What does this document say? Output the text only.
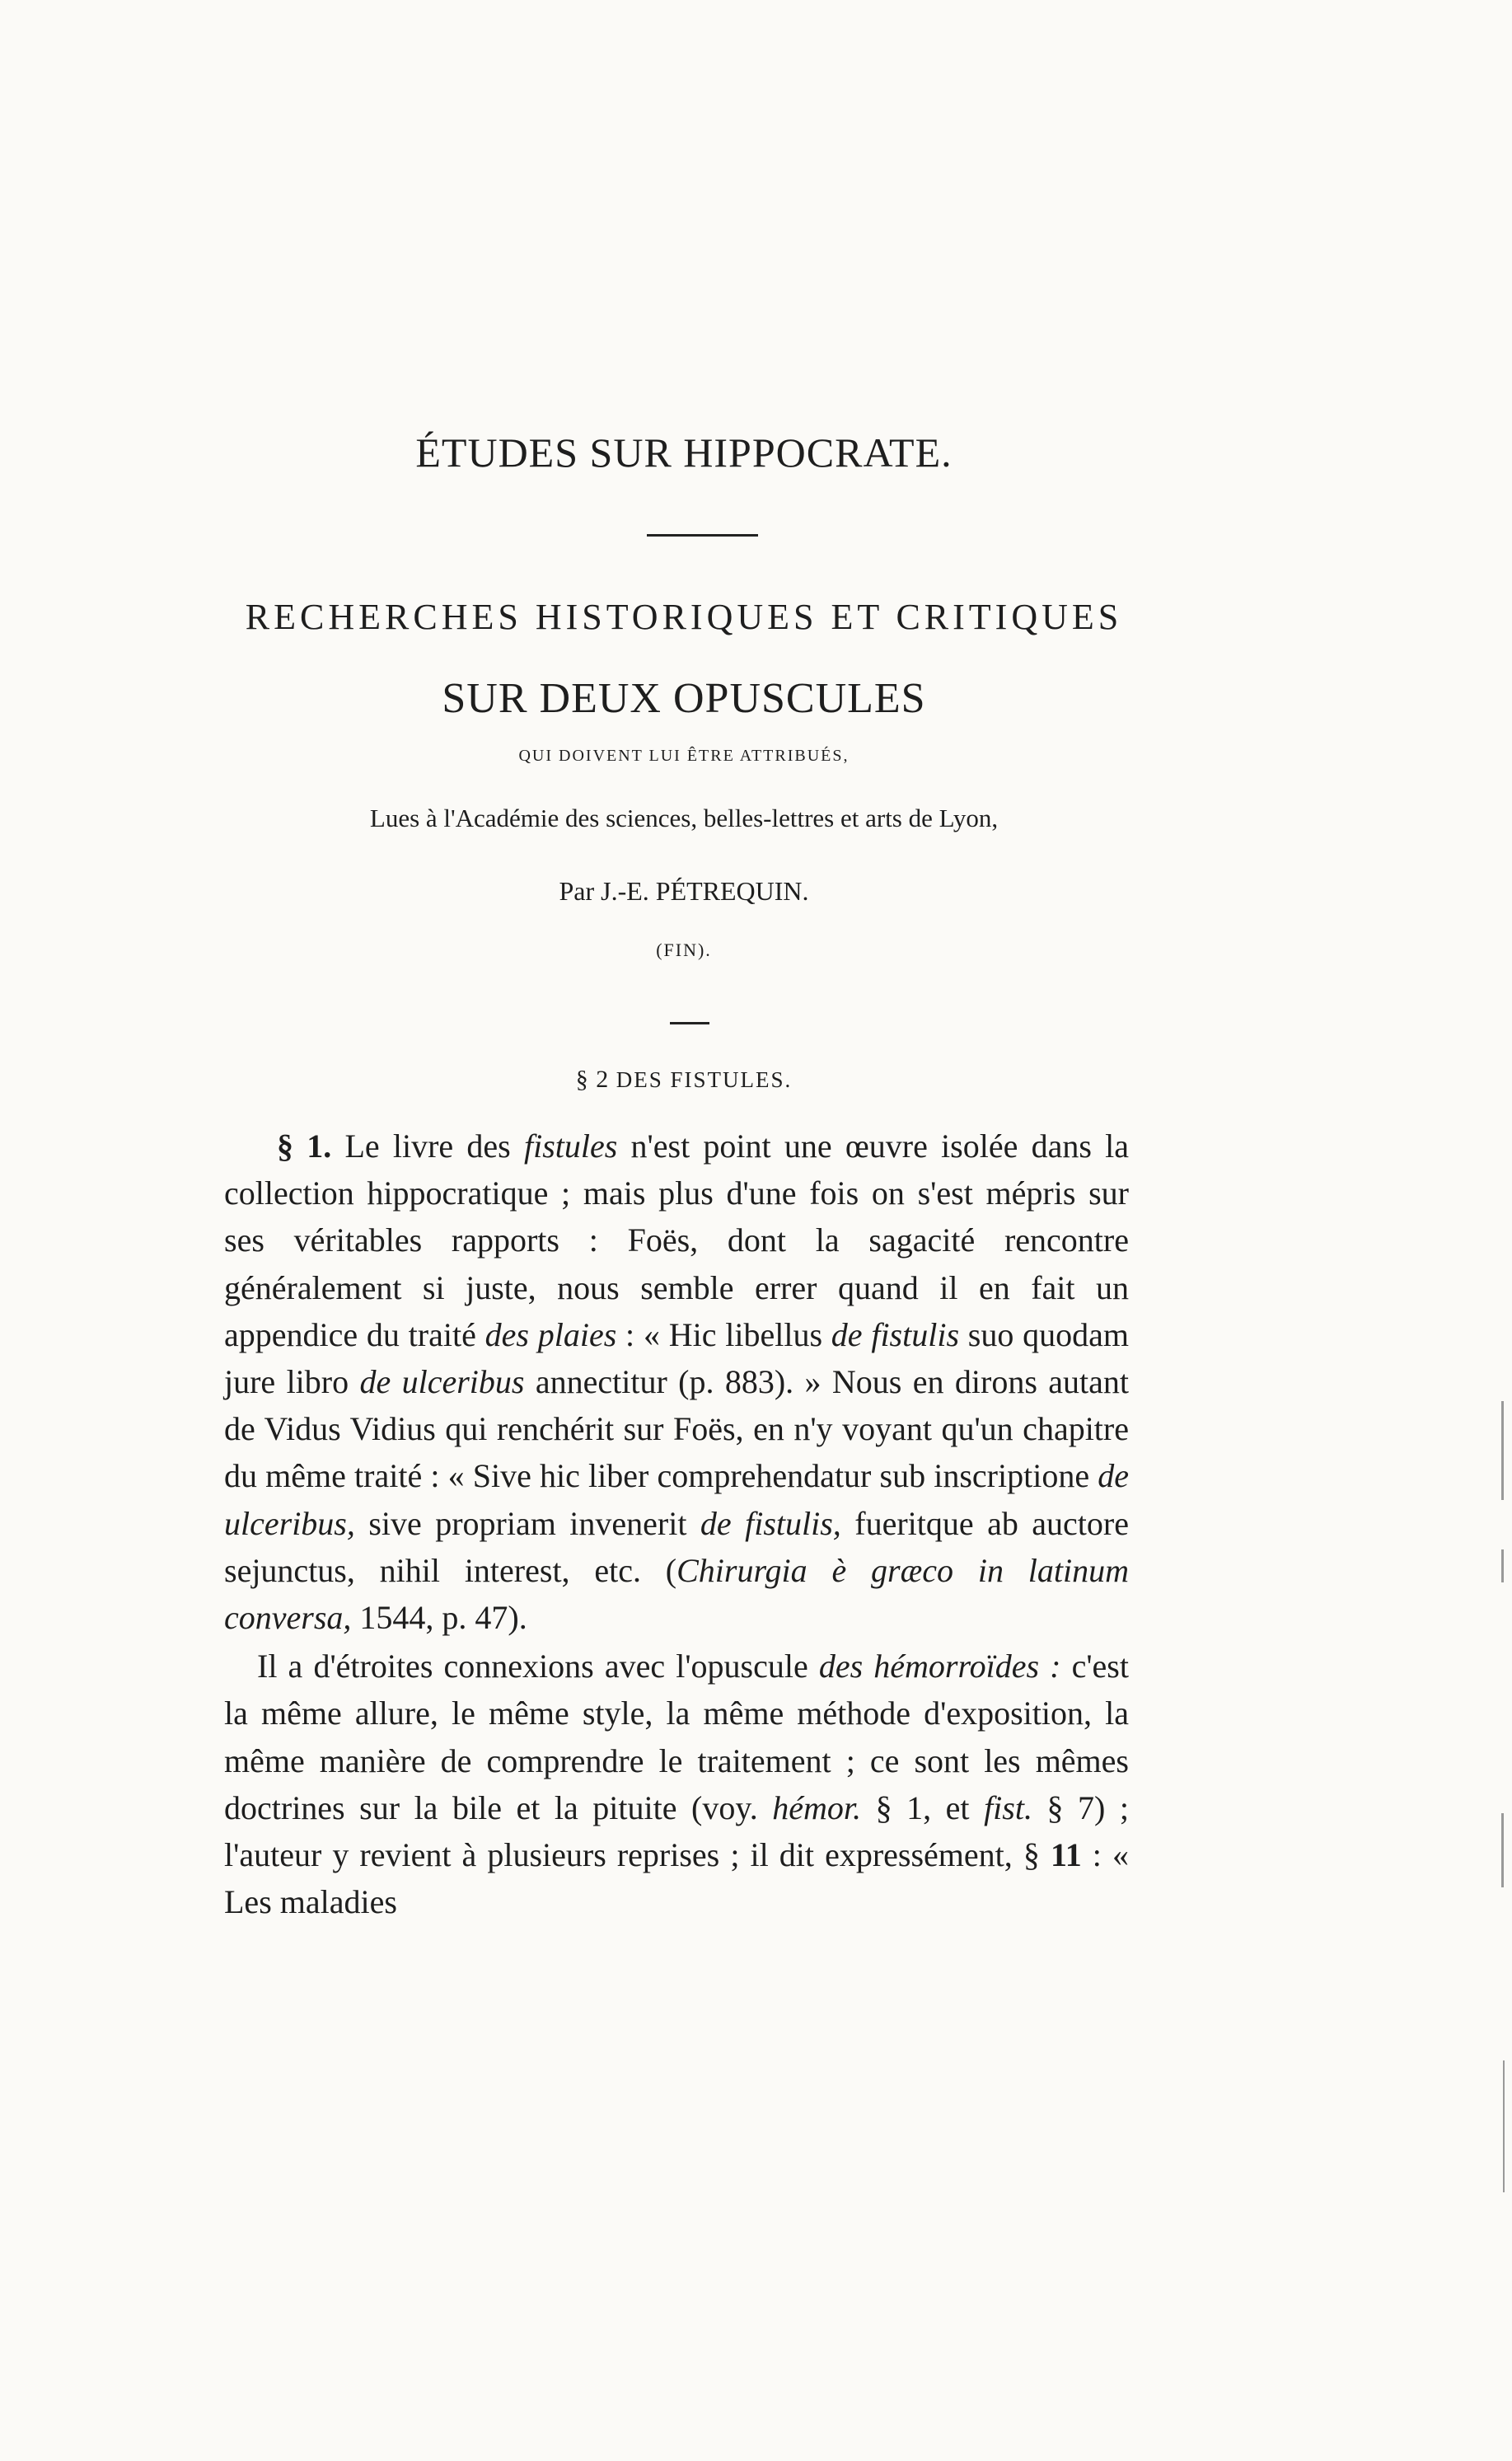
ÉTUDES SUR HIPPOCRATE.
RECHERCHES HISTORIQUES ET CRITIQUES
SUR DEUX OPUSCULES
QUI DOIVENT LUI ÊTRE ATTRIBUÉS,
Lues à l'Académie des sciences, belles-lettres et arts de Lyon,
Par J.-E. PÉTREQUIN.
(FIN).
§ 2 DES FISTULES.

§ 1. Le livre des fistules n'est point une œuvre isolée dans la collection hippocratique ; mais plus d'une fois on s'est mépris sur ses véritables rapports : Foës, dont la sagacité rencontre généralement si juste, nous semble errer quand il en fait un appendice du traité des plaies : « Hic libellus de fistulis suo quodam jure libro de ulceribus annectitur (p. 883). » Nous en dirons autant de Vidus Vidius qui renchérit sur Foës, en n'y voyant qu'un chapitre du même traité : « Sive hic liber comprehendatur sub inscriptione de ulceribus, sive propriam invenerit de fistulis, fueritque ab auctore sejunctus, nihil interest, etc. (Chirurgia è græco in latinum conversa, 1544, p. 47).

Il a d'étroites connexions avec l'opuscule des hémorroïdes : c'est la même allure, le même style, la même méthode d'exposition, la même manière de comprendre le traitement ; ce sont les mêmes doctrines sur la bile et la pituite (voy. hémor. § 1, et fist. § 7) ; l'auteur y revient à plusieurs reprises ; il dit expressément, § 11 : « Les maladies
